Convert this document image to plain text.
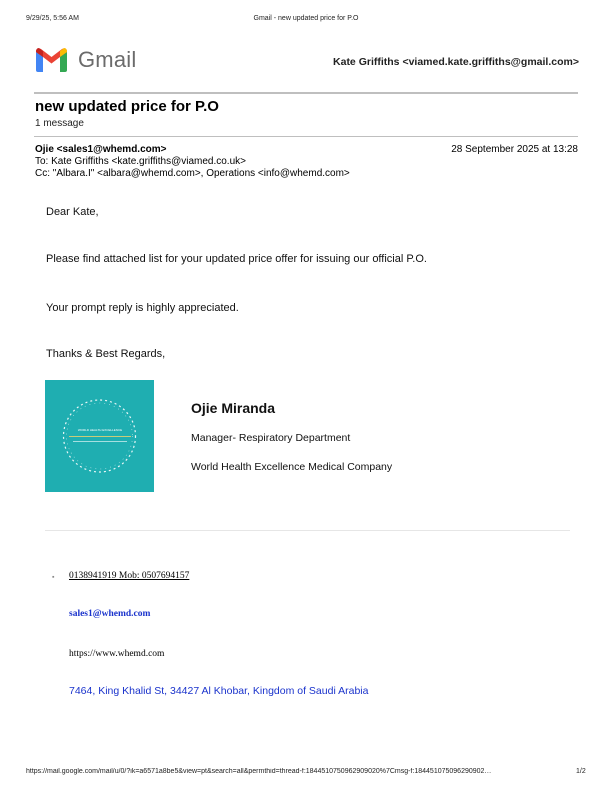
9/29/25, 5:56 AM	Gmail - new updated price for P.O
Gmail	Kate Griffiths <viamed.kate.griffiths@gmail.com>
new updated price for P.O
1 message
Ojie <sales1@whemd.com>	28 September 2025 at 13:28
To: Kate Griffiths <kate.griffiths@viamed.co.uk>
Cc: "Albara.I" <albara@whemd.com>, Operations <info@whemd.com>
Dear Kate,
Please find attached list for your updated price offer for issuing our official P.O.
Your prompt reply is highly appreciated.
Thanks & Best Regards,
WORLD HEALTH EXCELLENCE
Ojie Miranda
Manager- Respiratory Department
World Health Excellence Medical Company
▪ 0138941919 Mob: 0507694157
sales1@whemd.com
https://www.whemd.com
7464, King Khalid St, 34427 Al Khobar, Kingdom of Saudi Arabia
https://mail.google.com/mail/u/0/?ik=a6571a8be5&view=pt&search=all&permthid=thread-f:1844510750962909020%7Cmsg-f:184451075096290902…	1/2
